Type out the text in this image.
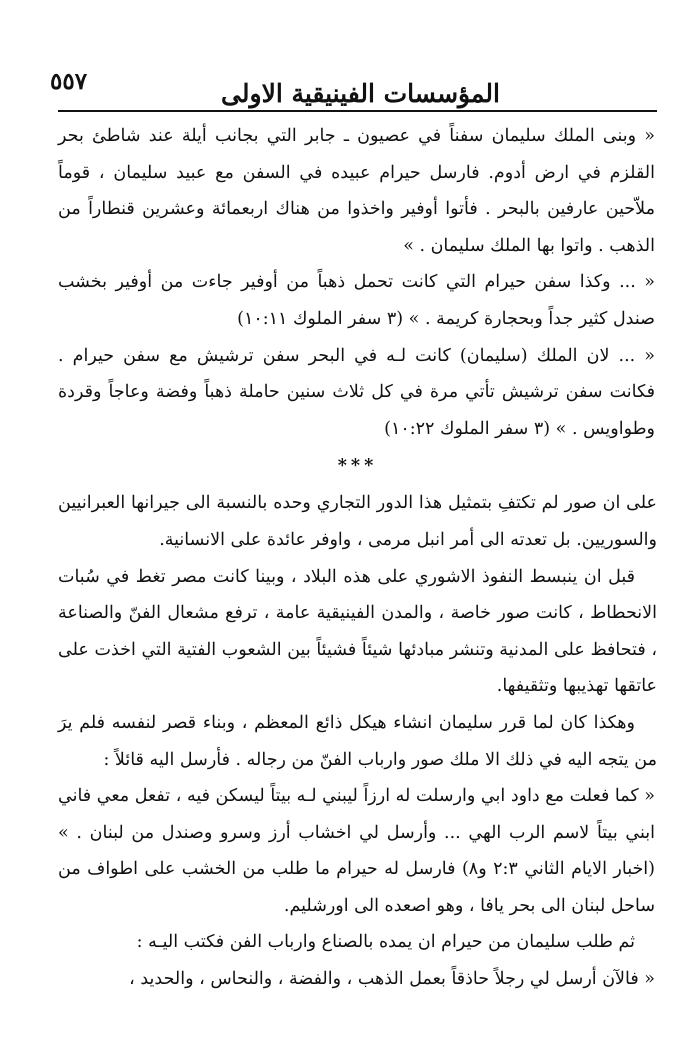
٥٥٧	المؤسسات الفينيقية الاولى

« وبنى الملك سليمان سفناً في عصيون ـ جابر التي بجانب أيلة عند شاطئ بحر القلزم في ارض أدوم. فارسل حيرام عبيده في السفن مع عبيد سليمان ، قوماً ملاّحين عارفين بالبحر . فأتوا أوفير واخذوا من هناك اربعمائة وعشرين قنطاراً من الذهب . واتوا بها الملك سليمان . »

« ... وكذا سفن حيرام التي كانت تحمل ذهباً من أوفير جاءت من أوفير بخشب صندل كثير جداً وبحجارة كريمة . » (٣ سفر الملوك ١٠:١١)

« ... لان الملك (سليمان) كانت لـه في البحر سفن ترشيش مع سفن حيرام . فكانت سفن ترشيش تأتي مرة في كل ثلاث سنين حاملة ذهباً وفضة وعاجاً وقردة وطواويس . » (٣ سفر الملوك ١٠:٢٢)

***

على ان صور لم تكتفِ بتمثيل هذا الدور التجاري وحده بالنسبة الى جيرانها العبرانيين والسوريين. بل تعدته الى أمر انبل مرمى ، واوفر عائدة على الانسانية.

قبل ان ينبسط النفوذ الاشوري على هذه البلاد ، وبينا كانت مصر تغط في سُبات الانحطاط ، كانت صور خاصة ، والمدن الفينيقية عامة ، ترفع مشعال الفنّ والصناعة ، فتحافظ على المدنية وتنشر مبادئها شيئاً فشيئاً بين الشعوب الفتية التي اخذت على عاتقها تهذيبها وتثقيفها.

وهكذا كان لما قرر سليمان انشاء هيكل ذائع المعظم ، وبناء قصر لنفسه فلم يرَ من يتجه اليه في ذلك الا ملك صور وارباب الفنّ من رجاله . فأرسل اليه قائلاً :

« كما فعلت مع داود ابي وارسلت له ارزاً ليبني لـه بيتاً ليسكن فيه ، تفعل معي فاني ابني بيتاً لاسم الرب الهي ... وأرسل لي اخشاب أرز وسرو وصندل من لبنان . » (اخبار الايام الثاني ٢:٣ و٨) فارسل له حيرام ما طلب من الخشب على اطواف من ساحل لبنان الى بحر يافا ، وهو اصعده الى اورشليم.

ثم طلب سليمان من حيرام ان يمده بالصناع وارباب الفن فكتب اليـه :

« فالآن أرسل لي رجلاً حاذقاً بعمل الذهب ، والفضة ، والنحاس ، والحديد ،
